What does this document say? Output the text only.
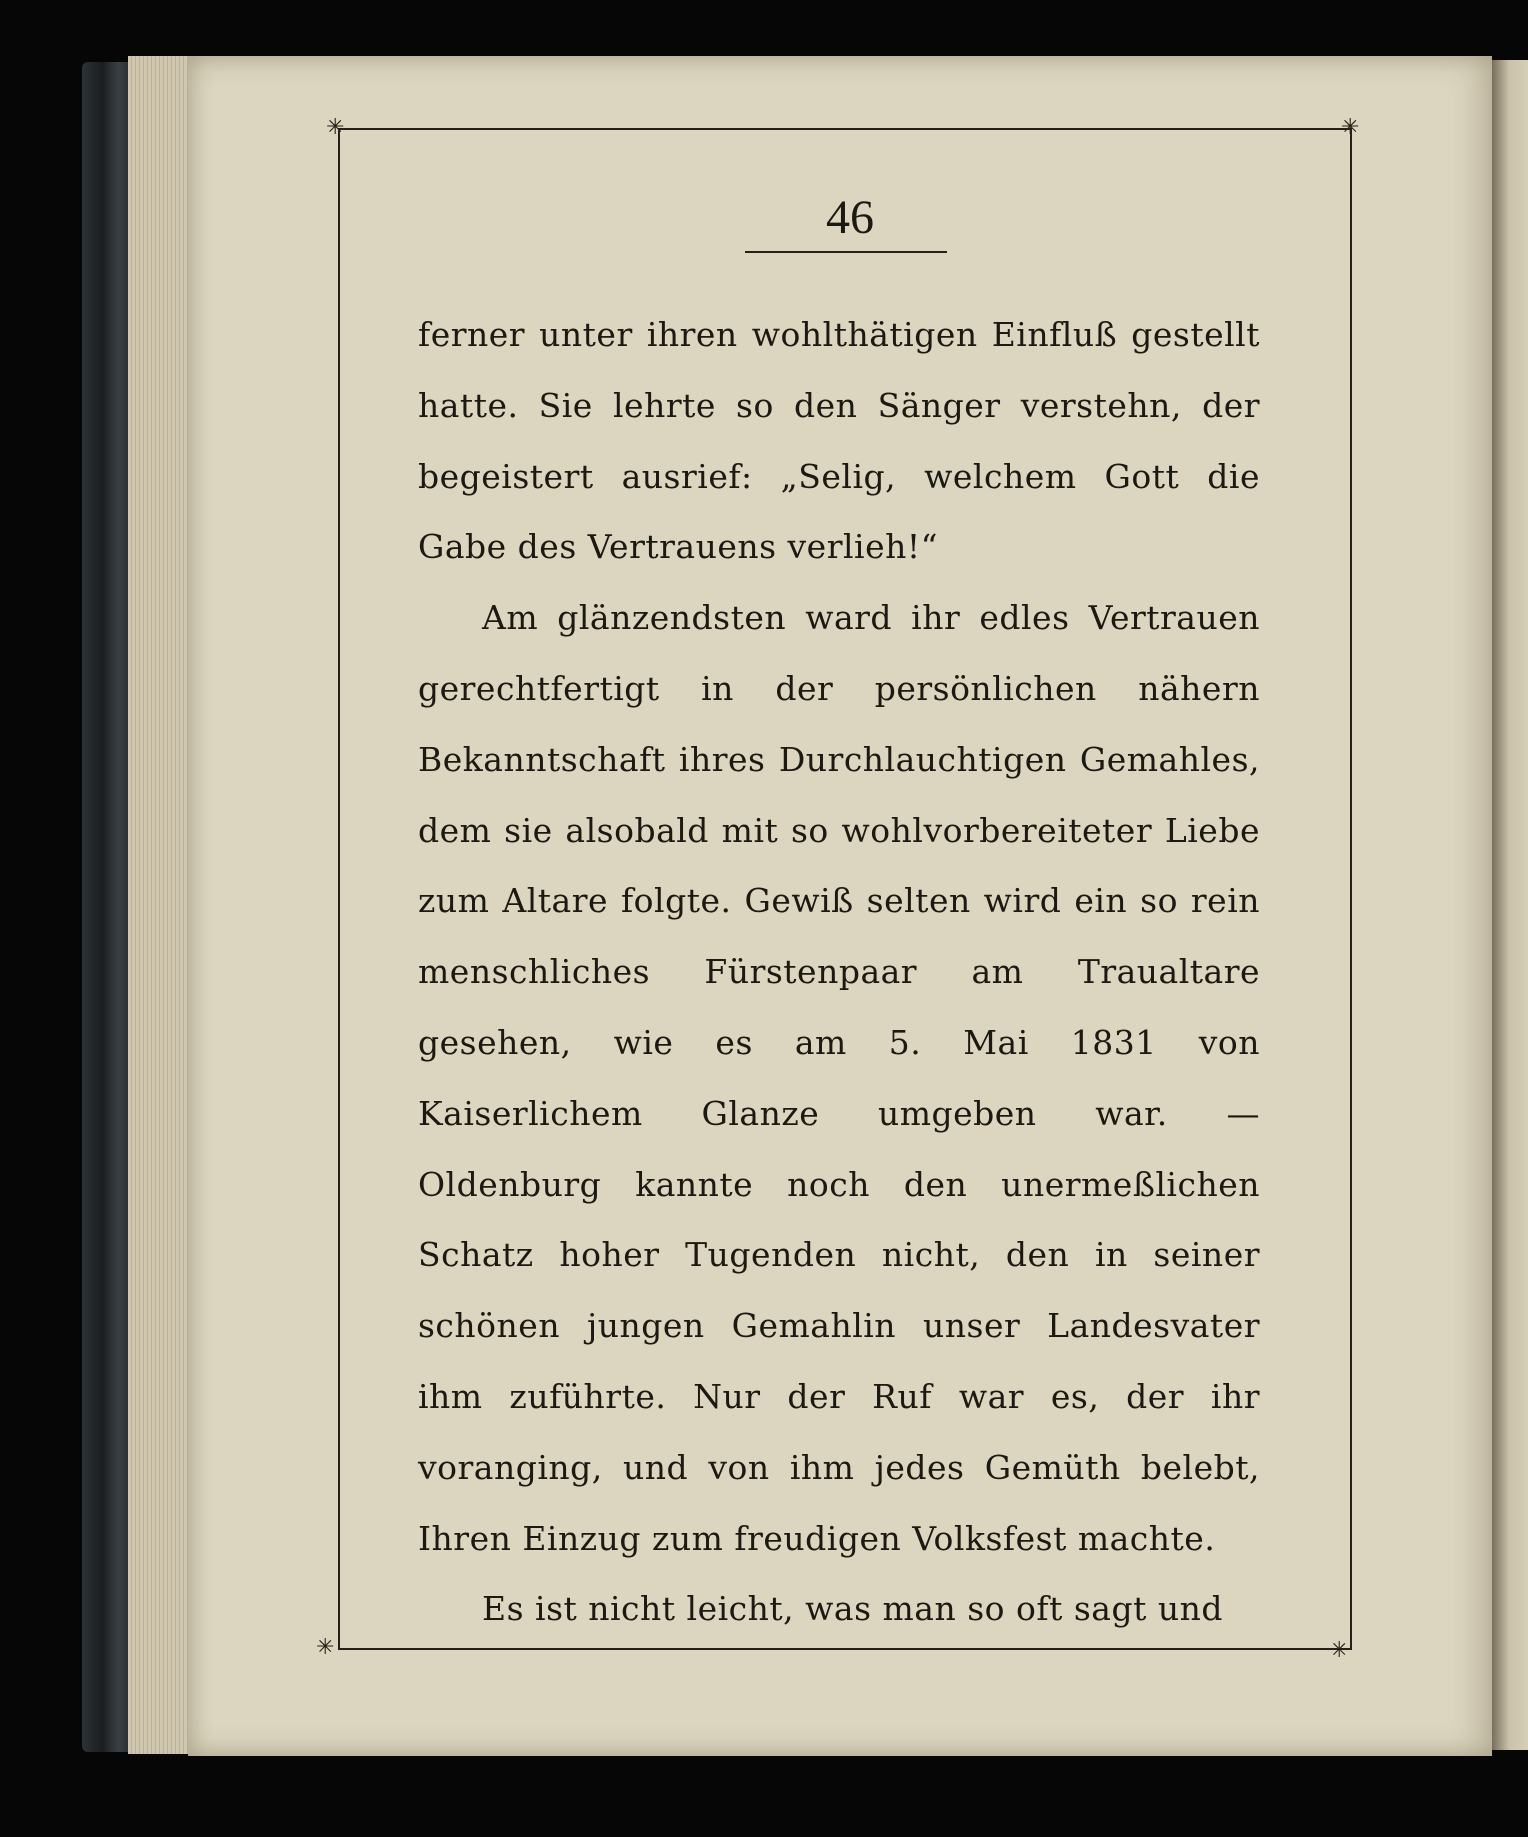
✳	✳
✳	✳
46

ferner unter ihren wohlthätigen Einfluß gestellt hatte. Sie lehrte so den Sänger verstehn, der begeistert ausrief: „Selig, welchem Gott die Gabe des Vertrauens verlieh!“

Am glänzendsten ward ihr edles Vertrauen gerechtfertigt in der persönlichen nähern Bekanntschaft ihres Durchlauchtigen Gemahles, dem sie alsobald mit so wohlvorbereiteter Liebe zum Altare folgte. Gewiß selten wird ein so rein menschliches Fürstenpaar am Traualtare gesehen, wie es am 5. Mai 1831 von Kaiserlichem Glanze umgeben war. — Oldenburg kannte noch den unermeßlichen Schatz hoher Tugenden nicht, den in seiner schönen jungen Gemahlin unser Landesvater ihm zuführte. Nur der Ruf war es, der ihr voranging, und von ihm jedes Gemüth belebt, Ihren Einzug zum freudigen Volksfest machte.

Es ist nicht leicht, was man so oft sagt und
